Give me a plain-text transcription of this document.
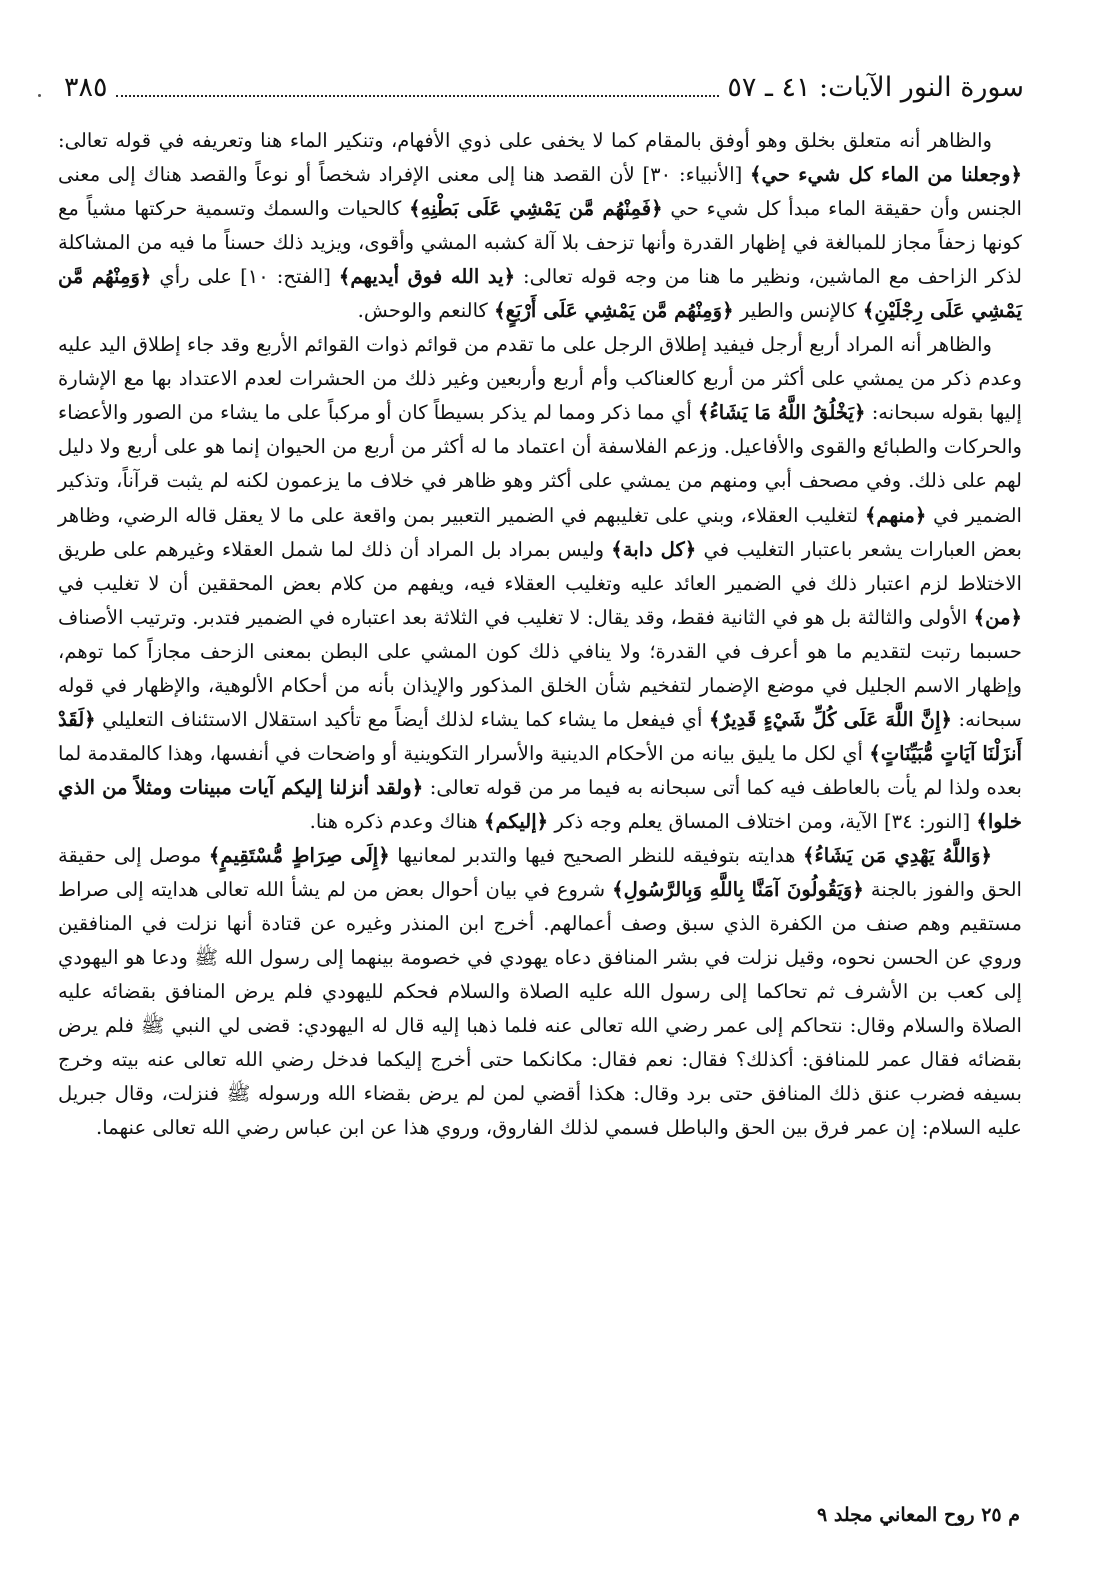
سورة النور الآيات: ٤١ ـ ٥٧
٣٨٥

والظاهر أنه متعلق بخلق وهو أوفق بالمقام كما لا يخفى على ذوي الأفهام، وتنكير الماء هنا وتعريفه في قوله تعالى: ﴿وجعلنا من الماء كل شيء حي﴾ [الأنبياء: ٣٠] لأن القصد هنا إلى معنى الإفراد شخصاً أو نوعاً والقصد هناك إلى معنى الجنس وأن حقيقة الماء مبدأ كل شيء حي ﴿فَمِنْهُم مَّن يَمْشِي عَلَى بَطْنِهِ﴾ كالحيات والسمك وتسمية حركتها مشياً مع كونها زحفاً مجاز للمبالغة في إظهار القدرة وأنها تزحف بلا آلة كشبه المشي وأقوى، ويزيد ذلك حسناً ما فيه من المشاكلة لذكر الزاحف مع الماشين، ونظير ما هنا من وجه قوله تعالى: ﴿يد الله فوق أيديهم﴾ [الفتح: ١٠] على رأي ﴿وَمِنْهُم مَّن يَمْشِي عَلَى رِجْلَيْنِ﴾ كالإنس والطير ﴿وَمِنْهُم مَّن يَمْشِي عَلَى أَرْبَعٍ﴾ كالنعم والوحش.

والظاهر أنه المراد أربع أرجل فيفيد إطلاق الرجل على ما تقدم من قوائم ذوات القوائم الأربع وقد جاء إطلاق اليد عليه وعدم ذكر من يمشي على أكثر من أربع كالعناكب وأم أربع وأربعين وغير ذلك من الحشرات لعدم الاعتداد بها مع الإشارة إليها بقوله سبحانه: ﴿يَخْلُقُ اللَّهُ مَا يَشَاءُ﴾ أي مما ذكر ومما لم يذكر بسيطاً كان أو مركباً على ما يشاء من الصور والأعضاء والحركات والطبائع والقوى والأفاعيل. وزعم الفلاسفة أن اعتماد ما له أكثر من أربع من الحيوان إنما هو على أربع ولا دليل لهم على ذلك. وفي مصحف أبي ومنهم من يمشي على أكثر وهو ظاهر في خلاف ما يزعمون لكنه لم يثبت قرآناً، وتذكير الضمير في ﴿منهم﴾ لتغليب العقلاء، وبني على تغليبهم في الضمير التعبير بمن واقعة على ما لا يعقل قاله الرضي، وظاهر بعض العبارات يشعر باعتبار التغليب في ﴿كل دابة﴾ وليس بمراد بل المراد أن ذلك لما شمل العقلاء وغيرهم على طريق الاختلاط لزم اعتبار ذلك في الضمير العائد عليه وتغليب العقلاء فيه، ويفهم من كلام بعض المحققين أن لا تغليب في ﴿من﴾ الأولى والثالثة بل هو في الثانية فقط، وقد يقال: لا تغليب في الثلاثة بعد اعتباره في الضمير فتدبر. وترتيب الأصناف حسبما رتبت لتقديم ما هو أعرف في القدرة؛ ولا ينافي ذلك كون المشي على البطن بمعنى الزحف مجازاً كما توهم، وإظهار الاسم الجليل في موضع الإضمار لتفخيم شأن الخلق المذكور والإيذان بأنه من أحكام الألوهية، والإظهار في قوله سبحانه: ﴿إِنَّ اللَّهَ عَلَى كُلِّ شَيْءٍ قَدِيرٌ﴾ أي فيفعل ما يشاء كما يشاء لذلك أيضاً مع تأكيد استقلال الاستئناف التعليلي ﴿لَقَدْ أَنزَلْنَا آيَاتٍ مُّبَيِّنَاتٍ﴾ أي لكل ما يليق بيانه من الأحكام الدينية والأسرار التكوينية أو واضحات في أنفسها، وهذا كالمقدمة لما بعده ولذا لم يأت بالعاطف فيه كما أتى سبحانه به فيما مر من قوله تعالى: ﴿ولقد أنزلنا إليكم آيات مبينات ومثلاً من الذي خلوا﴾ [النور: ٣٤] الآية، ومن اختلاف المساق يعلم وجه ذكر ﴿إليكم﴾ هناك وعدم ذكره هنا.

﴿وَاللَّهُ يَهْدِي مَن يَشَاءُ﴾ هدايته بتوفيقه للنظر الصحيح فيها والتدبر لمعانيها ﴿إِلَى صِرَاطٍ مُّسْتَقِيمٍ﴾ موصل إلى حقيقة الحق والفوز بالجنة ﴿وَيَقُولُونَ آمَنَّا بِاللَّهِ وَبِالرَّسُولِ﴾ شروع في بيان أحوال بعض من لم يشأ الله تعالى هدايته إلى صراط مستقيم وهم صنف من الكفرة الذي سبق وصف أعمالهم. أخرج ابن المنذر وغيره عن قتادة أنها نزلت في المنافقين وروي عن الحسن نحوه، وقيل نزلت في بشر المنافق دعاه يهودي في خصومة بينهما إلى رسول الله ﷺ ودعا هو اليهودي إلى كعب بن الأشرف ثم تحاكما إلى رسول الله عليه الصلاة والسلام فحكم لليهودي فلم يرض المنافق بقضائه عليه الصلاة والسلام وقال: نتحاكم إلى عمر رضي الله تعالى عنه فلما ذهبا إليه قال له اليهودي: قضى لي النبي ﷺ فلم يرض بقضائه فقال عمر للمنافق: أكذلك؟ فقال: نعم فقال: مكانكما حتى أخرج إليكما فدخل رضي الله تعالى عنه بيته وخرج بسيفه فضرب عنق ذلك المنافق حتى برد وقال: هكذا أقضي لمن لم يرض بقضاء الله ورسوله ﷺ فنزلت، وقال جبريل عليه السلام: إن عمر فرق بين الحق والباطل فسمي لذلك الفاروق، وروي هذا عن ابن عباس رضي الله تعالى عنهما.

م ٢٥ روح المعاني مجلد ٩
